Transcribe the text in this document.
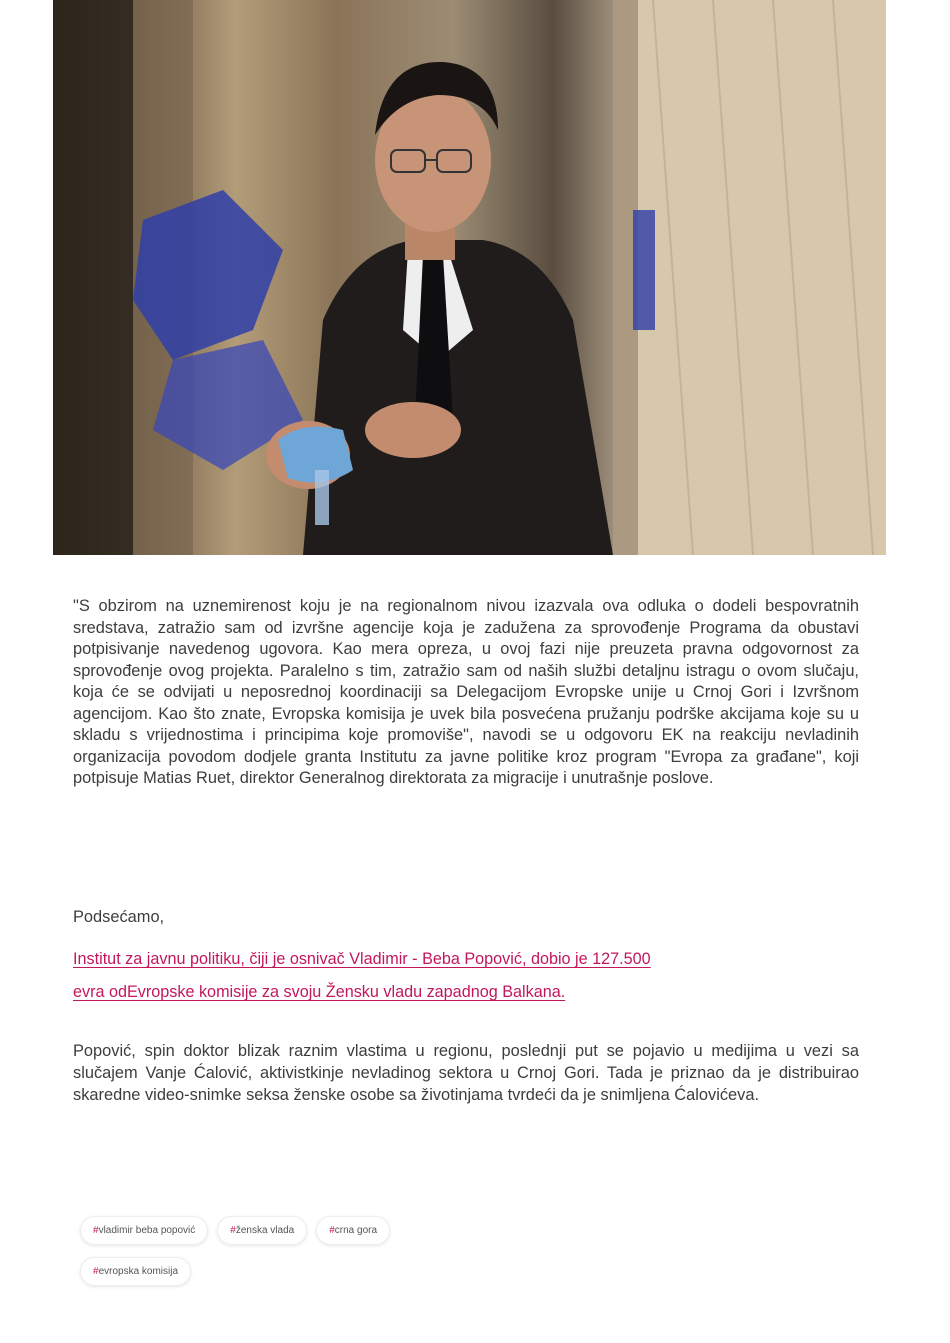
"S obzirom na uznemirenost koju je na regionalnom nivou izazvala ova odluka o dodeli bespovratnih sredstava, zatražio sam od izvršne agencije koja je zadužena za sprovođenje Programa da obustavi potpisivanje navedenog ugovora. Kao mera opreza, u ovoj fazi nije preuzeta pravna odgovornost za sprovođenje ovog projekta. Paralelno s tim, zatražio sam od naših službi detaljnu istragu o ovom slučaju, koja će se odvijati u neposrednoj koordinaciji sa Delegacijom Evropske unije u Crnoj Gori i Izvršnom agencijom. Kao što znate, Evropska komisija je uvek bila posvećena pružanju podrške akcijama koje su u skladu s vrijednostima i principima koje promoviše", navodi se u odgovoru EK na reakciju nevladinih organizacija povodom dodjele granta Institutu za javne politike kroz program "Evropa za građane", koji potpisuje Matias Ruet, direktor Generalnog direktorata za migracije i unutrašnje poslove.

Podsećamo,
Institut za javnu politiku, čiji je osnivač Vladimir - Beba Popović, dobio je 127.500
evra odEvropske komisije za svoju Žensku vladu zapadnog Balkana.
Popović, spin doktor blizak raznim vlastima u regionu, poslednji put se pojavio u medijima u vezi sa slučajem Vanje Ćalović, aktivistkinje nevladinog sektora u Crnoj Gori. Tada je priznao da je distribuirao skaredne video-snimke seksa ženske osobe sa životinjama tvrdeći da je snimljena Ćalovićeva.
#vladimir beba popović	#ženska vlada	#crna gora
#evropska komisija
